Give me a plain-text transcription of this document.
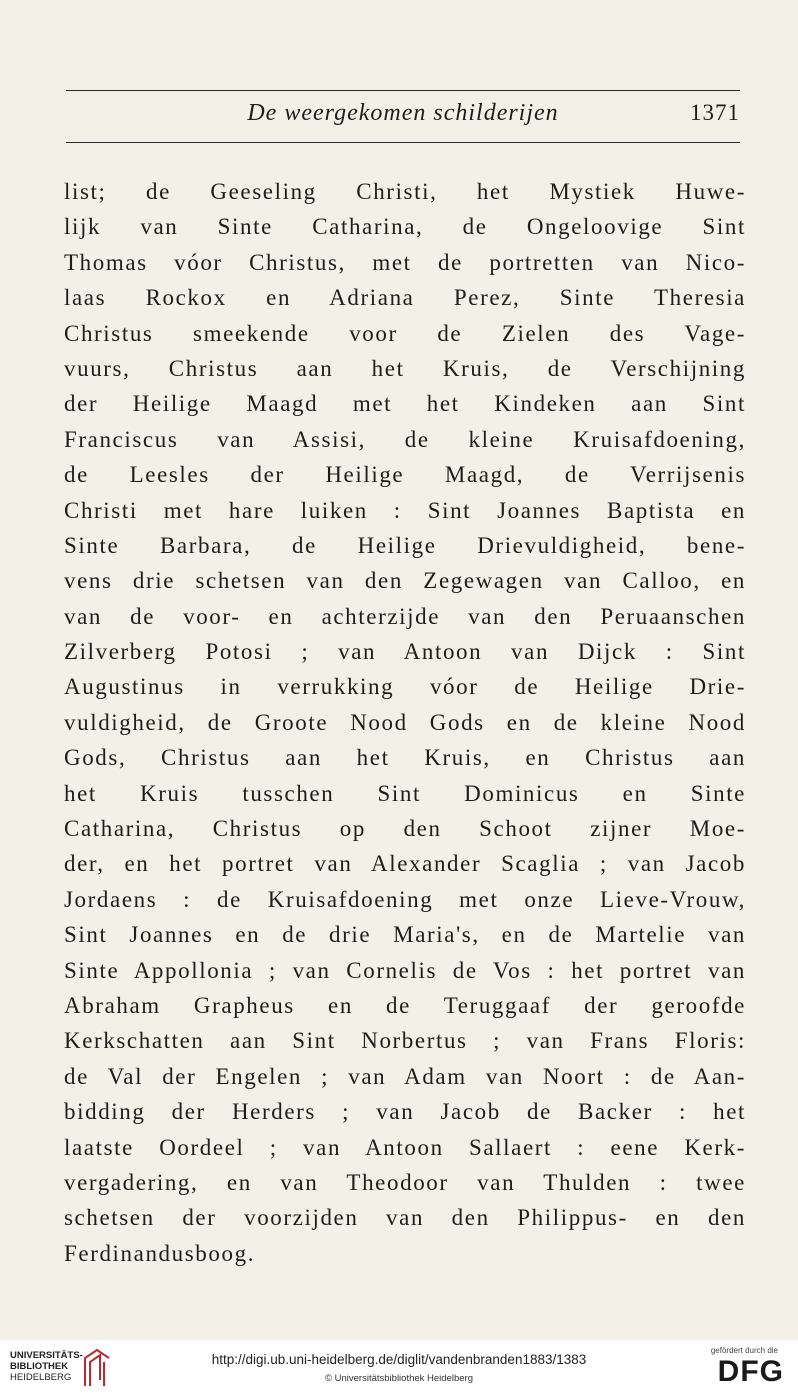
De weergekomen schilderijen	1371
list; de Geeseling Christi, het Mystiek Huwe-
lijk van Sinte Catharina, de Ongeloovige Sint
Thomas vóor Christus, met de portretten van Nico-
laas Rockox en Adriana Perez, Sinte Theresia
Christus smeekende voor de Zielen des Vage-
vuurs, Christus aan het Kruis, de Verschijning
der Heilige Maagd met het Kindeken aan Sint
Franciscus van Assisi, de kleine Kruisafdoening,
de Leesles der Heilige Maagd, de Verrijsenis
Christi met hare luiken : Sint Joannes Baptista en
Sinte Barbara, de Heilige Drievuldigheid, bene-
vens drie schetsen van den Zegewagen van Calloo, en
van de voor- en achterzijde van den Peruaanschen
Zilverberg Potosi ; van Antoon van Dijck : Sint
Augustinus in verrukking vóor de Heilige Drie-
vuldigheid, de Groote Nood Gods en de kleine Nood
Gods, Christus aan het Kruis, en Christus aan
het Kruis tusschen Sint Dominicus en Sinte
Catharina, Christus op den Schoot zijner Moe-
der, en het portret van Alexander Scaglia ; van Jacob
Jordaens : de Kruisafdoening met onze Lieve-Vrouw,
Sint Joannes en de drie Maria's, en de Martelie van
Sinte Appollonia ; van Cornelis de Vos : het portret van
Abraham Grapheus en de Teruggaaf der geroofde
Kerkschatten aan Sint Norbertus ; van Frans Floris:
de Val der Engelen ; van Adam van Noort : de Aan-
bidding der Herders ; van Jacob de Backer : het
laatste Oordeel ; van Antoon Sallaert : eene Kerk-
vergadering, en van Theodoor van Thulden : twee
schetsen der voorzijden van den Philippus- en den
Ferdinandusboog.
UNIVERSITÄTS-
BIBLIOTHEK
HEIDELBERG
http://digi.ub.uni-heidelberg.de/diglit/vandenbranden1883/1383
© Universitätsbibliothek Heidelberg
gefördert durch die
DFG
